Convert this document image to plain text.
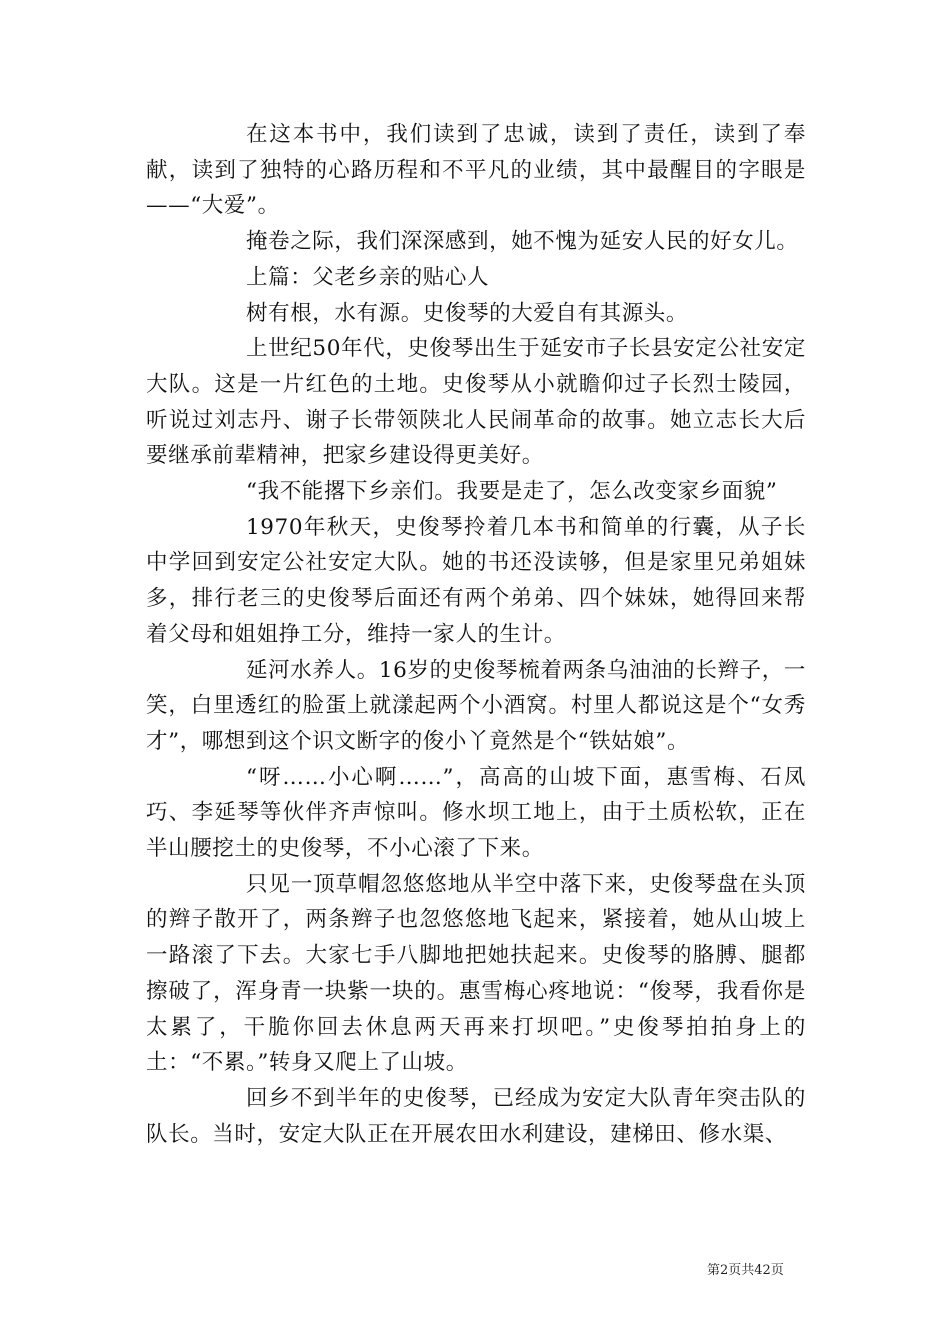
在这本书中，我们读到了忠诚，读到了责任，读到了奉献，读到了独特的心路历程和不平凡的业绩，其中最醒目的字眼是——“大爱”。

掩卷之际，我们深深感到，她不愧为延安人民的好女儿。

上篇：父老乡亲的贴心人

树有根，水有源。史俊琴的大爱自有其源头。

上世纪50年代，史俊琴出生于延安市子长县安定公社安定大队。这是一片红色的土地。史俊琴从小就瞻仰过子长烈士陵园，听说过刘志丹、谢子长带领陕北人民闹革命的故事。她立志长大后要继承前辈精神，把家乡建设得更美好。

“我不能撂下乡亲们。我要是走了，怎么改变家乡面貌”

1970年秋天，史俊琴拎着几本书和简单的行囊，从子长中学回到安定公社安定大队。她的书还没读够，但是家里兄弟姐妹多，排行老三的史俊琴后面还有两个弟弟、四个妹妹，她得回来帮着父母和姐姐挣工分，维持一家人的生计。

延河水养人。16岁的史俊琴梳着两条乌油油的长辫子，一笑，白里透红的脸蛋上就漾起两个小酒窝。村里人都说这是个“女秀才”，哪想到这个识文断字的俊小丫竟然是个“铁姑娘”。

“呀……小心啊……”，高高的山坡下面，惠雪梅、石凤巧、李延琴等伙伴齐声惊叫。修水坝工地上，由于土质松软，正在半山腰挖土的史俊琴，不小心滚了下来。

只见一顶草帽忽悠悠地从半空中落下来，史俊琴盘在头顶的辫子散开了，两条辫子也忽悠悠地飞起来，紧接着，她从山坡上一路滚了下去。大家七手八脚地把她扶起来。史俊琴的胳膊、腿都擦破了，浑身青一块紫一块的。惠雪梅心疼地说：“俊琴，我看你是太累了，干脆你回去休息两天再来打坝吧。”史俊琴拍拍身上的土：“不累。”转身又爬上了山坡。

回乡不到半年的史俊琴，已经成为安定大队青年突击队的队长。当时，安定大队正在开展农田水利建设，建梯田、修水渠、

第2页共42页
